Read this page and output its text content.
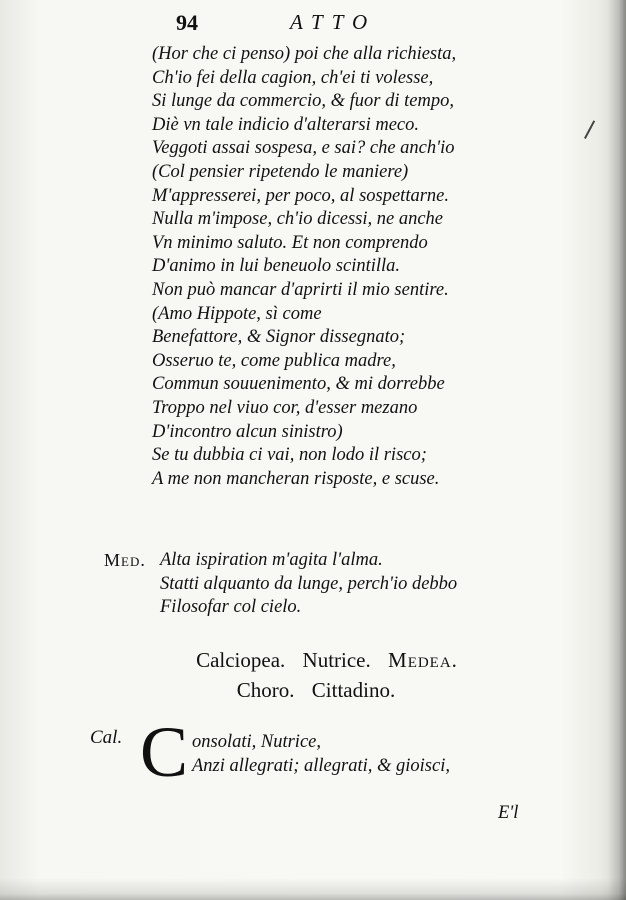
94	ATTO
(Hor che ci penso) poi che alla richiesta,
Ch'io fei della cagion, ch'ei ti volesse,
Si lunge da commercio, & fuor di tempo,
Diè vn tale indicio d'alterarsi meco.
Veggoti assai sospesa, e sai? che anch'io
(Col pensier ripetendo le maniere)
M'appresserei, per poco, al sospettarne.
Nulla m'impose, ch'io dicessi, ne anche
Vn minimo saluto. Et non comprendo
D'animo in lui beneuolo scintilla.
Non può mancar d'aprirti il mio sentire.
(Amo Hippote, sì come
Benefattore, & Signor dissegnato;
Osseruo te, come publica madre,
Commun souuenimento, & mi dorrebbe
Troppo nel viuo cor, d'esser mezano
D'incontro alcun sinistro)
Se tu dubbia ci vai, non lodo il risco;
A me non mancheran risposte, e scuse.
Med. Alta ispiration m'agita l'alma.
Statti alquanto da lunge, perch'io debbo
Filosofar col cielo.
Calciopea. Nutrice. Medea.
Choro. Cittadino.
Cal. C onsolati, Nutrice,
Anzi allegrati; allegrati, & gioisci,
E'l
